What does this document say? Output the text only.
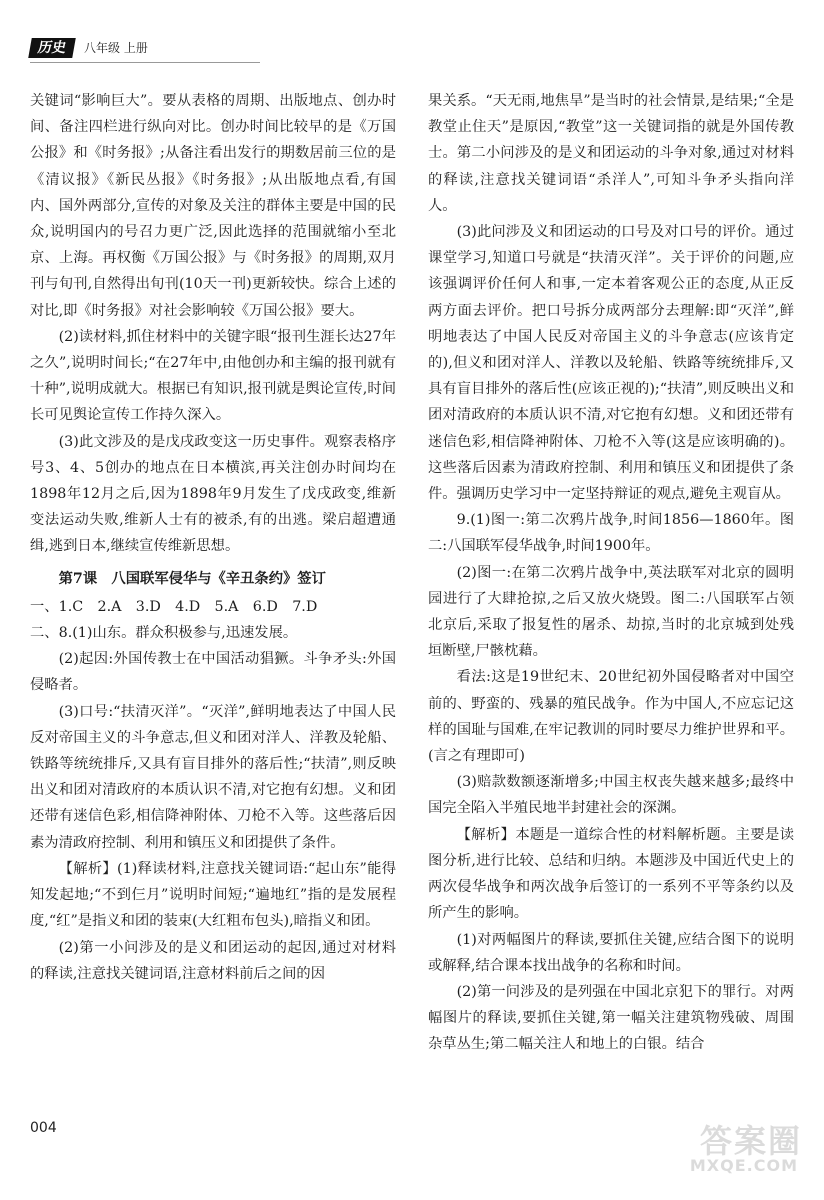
历史	八年级 上册

关键词“影响巨大”。要从表格的周期、出版地点、创办时间、备注四栏进行纵向对比。创办时间比较早的是《万国公报》和《时务报》;从备注看出发行的期数居前三位的是《清议报》《新民丛报》《时务报》;从出版地点看,有国内、国外两部分,宣传的对象及关注的群体主要是中国的民众,说明国内的号召力更广泛,因此选择的范围就缩小至北京、上海。再权衡《万国公报》与《时务报》的周期,双月刊与旬刊,自然得出旬刊(10天一刊)更新较快。综合上述的对比,即《时务报》对社会影响较《万国公报》要大。

(2)读材料,抓住材料中的关键字眼“报刊生涯长达27年之久”,说明时间长;“在27年中,由他创办和主编的报刊就有十种”,说明成就大。根据已有知识,报刊就是舆论宣传,时间长可见舆论宣传工作持久深入。

(3)此文涉及的是戊戌政变这一历史事件。观察表格序号3、4、5创办的地点在日本横滨,再关注创办时间均在1898年12月之后,因为1898年9月发生了戊戌政变,维新变法运动失败,维新人士有的被杀,有的出逃。梁启超遭通缉,逃到日本,继续宣传维新思想。

第7课　八国联军侵华与《辛丑条约》签订

一、1.C　2.A　3.D　4.D　5.A　6.D　7.D

二、8.(1)山东。群众积极参与,迅速发展。

(2)起因:外国传教士在中国活动猖獗。斗争矛头:外国侵略者。

(3)口号:“扶清灭洋”。“灭洋”,鲜明地表达了中国人民反对帝国主义的斗争意志,但义和团对洋人、洋教及轮船、铁路等统统排斥,又具有盲目排外的落后性;“扶清”,则反映出义和团对清政府的本质认识不清,对它抱有幻想。义和团还带有迷信色彩,相信降神附体、刀枪不入等。这些落后因素为清政府控制、利用和镇压义和团提供了条件。

【解析】(1)释读材料,注意找关键词语:“起山东”能得知发起地;“不到仨月”说明时间短;“遍地红”指的是发展程度,“红”是指义和团的装束(大红粗布包头),暗指义和团。

(2)第一小问涉及的是义和团运动的起因,通过对材料的释读,注意找关键词语,注意材料前后之间的因

果关系。“天无雨,地焦旱”是当时的社会情景,是结果;“全是教堂止住天”是原因,“教堂”这一关键词指的就是外国传教士。第二小问涉及的是义和团运动的斗争对象,通过对材料的释读,注意找关键词语“杀洋人”,可知斗争矛头指向洋人。

(3)此问涉及义和团运动的口号及对口号的评价。通过课堂学习,知道口号就是“扶清灭洋”。关于评价的问题,应该强调评价任何人和事,一定本着客观公正的态度,从正反两方面去评价。把口号拆分成两部分去理解:即“灭洋”,鲜明地表达了中国人民反对帝国主义的斗争意志(应该肯定的),但义和团对洋人、洋教以及轮船、铁路等统统排斥,又具有盲目排外的落后性(应该正视的);“扶清”,则反映出义和团对清政府的本质认识不清,对它抱有幻想。义和团还带有迷信色彩,相信降神附体、刀枪不入等(这是应该明确的)。这些落后因素为清政府控制、利用和镇压义和团提供了条件。强调历史学习中一定坚持辩证的观点,避免主观盲从。

9.(1)图一:第二次鸦片战争,时间1856—1860年。图二:八国联军侵华战争,时间1900年。

(2)图一:在第二次鸦片战争中,英法联军对北京的圆明园进行了大肆抢掠,之后又放火烧毁。图二:八国联军占领北京后,采取了报复性的屠杀、劫掠,当时的北京城到处残垣断壁,尸骸枕藉。

看法:这是19世纪末、20世纪初外国侵略者对中国空前的、野蛮的、残暴的殖民战争。作为中国人,不应忘记这样的国耻与国难,在牢记教训的同时要尽力维护世界和平。(言之有理即可)

(3)赔款数额逐渐增多;中国主权丧失越来越多;最终中国完全陷入半殖民地半封建社会的深渊。

【解析】本题是一道综合性的材料解析题。主要是读图分析,进行比较、总结和归纳。本题涉及中国近代史上的两次侵华战争和两次战争后签订的一系列不平等条约以及所产生的影响。

(1)对两幅图片的释读,要抓住关键,应结合图下的说明或解释,结合课本找出战争的名称和时间。

(2)第一问涉及的是列强在中国北京犯下的罪行。对两幅图片的释读,要抓住关键,第一幅关注建筑物残破、周围杂草丛生;第二幅关注人和地上的白银。结合

004	答案圈
MXQE.COM
